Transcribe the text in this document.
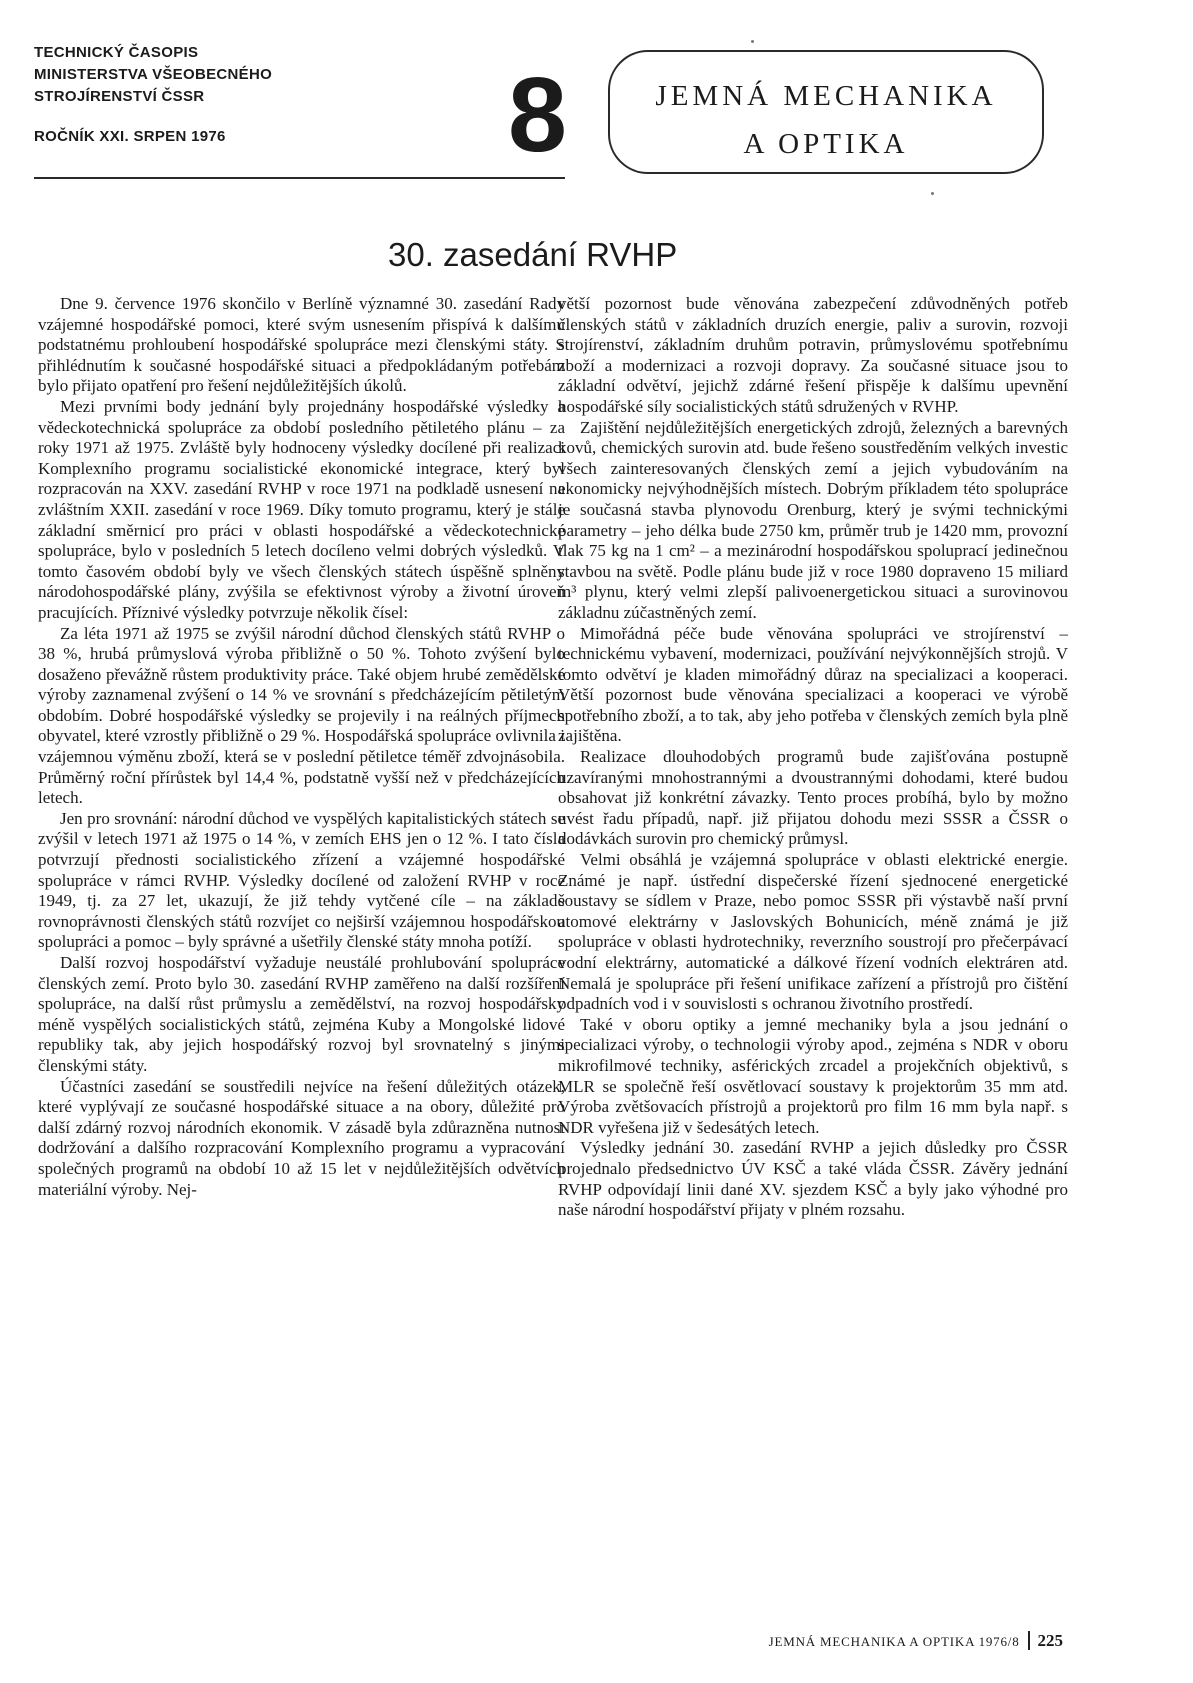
TECHNICKÝ ČASOPIS
MINISTERSTVA VŠEOBECNÉHO
STROJÍRENSTVÍ ČSSR
ROČNÍK XXI. SRPEN 1976	8	JEMNÁ MECHANIKA
A OPTIKA
30. zasedání RVHP

Dne 9. července 1976 skončilo v Berlíně významné 30. zasedání Rady vzájemné hospodářské pomoci, které svým usnesením přispívá k dalšímu podstatnému prohloubení hospodářské spolupráce mezi členskými státy. S přihlédnutím k současné hospodářské situaci a předpokládaným potřebám bylo přijato opatření pro řešení nejdůležitějších úkolů.

Mezi prvními body jednání byly projednány hospodářské výsledky a vědeckotechnická spolupráce za období posledního pětiletého plánu – za roky 1971 až 1975. Zvláště byly hodnoceny výsledky docílené při realizaci Komplexního programu socialistické ekonomické integrace, který byl rozpracován na XXV. zasedání RVHP v roce 1971 na podkladě usnesení na zvláštním XXII. zasedání v roce 1969. Díky tomuto programu, který je stále základní směrnicí pro práci v oblasti hospodářské a vědeckotechnické spolupráce, bylo v posledních 5 letech docíleno velmi dobrých výsledků. V tomto časovém období byly ve všech členských státech úspěšně splněny národohospodářské plány, zvýšila se efektivnost výroby a životní úroveň pracujících. Příznivé výsledky potvrzuje několik čísel:

Za léta 1971 až 1975 se zvýšil národní důchod členských států RVHP o 38 %, hrubá průmyslová výroba přibližně o 50 %. Tohoto zvýšení bylo dosaženo převážně růstem produktivity práce. Také objem hrubé zemědělské výroby zaznamenal zvýšení o 14 % ve srovnání s předcházejícím pětiletým obdobím. Dobré hospodářské výsledky se projevily i na reálných příjmech obyvatel, které vzrostly přibližně o 29 %. Hospodářská spolupráce ovlivnila i vzájemnou výměnu zboží, která se v poslední pětiletce téměř zdvojnásobila. Průměrný roční přírůstek byl 14,4 %, podstatně vyšší než v předcházejících letech.

Jen pro srovnání: národní důchod ve vyspělých kapitalistických státech se zvýšil v letech 1971 až 1975 o 14 %, v zemích EHS jen o 12 %. I tato čísla potvrzují přednosti socialistického zřízení a vzájemné hospodářské spolupráce v rámci RVHP. Výsledky docílené od založení RVHP v roce 1949, tj. za 27 let, ukazují, že již tehdy vytčené cíle – na základě rovnoprávnosti členských států rozvíjet co nejširší vzájemnou hospodářskou spolupráci a pomoc – byly správné a ušetřily členské státy mnoha potíží.

Další rozvoj hospodářství vyžaduje neustálé prohlubování spolupráce členských zemí. Proto bylo 30. zasedání RVHP zaměřeno na další rozšíření spolupráce, na další růst průmyslu a zemědělství, na rozvoj hospodářsky méně vyspělých socialistických států, zejména Kuby a Mongolské lidové republiky tak, aby jejich hospodářský rozvoj byl srovnatelný s jinými členskými státy.

Účastníci zasedání se soustředili nejvíce na řešení důležitých otázek, které vyplývají ze současné hospodářské situace a na obory, důležité pro další zdárný rozvoj národních ekonomik. V zásadě byla zdůrazněna nutnost dodržování a dalšího rozpracování Komplexního programu a vypracování společných programů na období 10 až 15 let v nejdůležitějších odvětvích materiální výroby. Nej-

větší pozornost bude věnována zabezpečení zdůvodněných potřeb členských států v základních druzích energie, paliv a surovin, rozvoji strojírenství, základním druhům potravin, průmyslovému spotřebnímu zboží a modernizaci a rozvoji dopravy. Za současné situace jsou to základní odvětví, jejichž zdárné řešení přispěje k dalšímu upevnění hospodářské síly socialistických států sdružených v RVHP.

Zajištění nejdůležitějších energetických zdrojů, železných a barevných kovů, chemických surovin atd. bude řešeno soustředěním velkých investic všech zainteresovaných členských zemí a jejich vybudováním na ekonomicky nejvýhodnějších místech. Dobrým příkladem této spolupráce je současná stavba plynovodu Orenburg, který je svými technickými parametry – jeho délka bude 2750 km, průměr trub je 1420 mm, provozní tlak 75 kg na 1 cm² – a mezinárodní hospodářskou spoluprací jedinečnou stavbou na světě. Podle plánu bude již v roce 1980 dopraveno 15 miliard m³ plynu, který velmi zlepší palivoenergetickou situaci a surovinovou základnu zúčastněných zemí.

Mimořádná péče bude věnována spolupráci ve strojírenství – technickému vybavení, modernizaci, používání nejvýkonnějších strojů. V tomto odvětví je kladen mimořádný důraz na specializaci a kooperaci. Větší pozornost bude věnována specializaci a kooperaci ve výrobě spotřebního zboží, a to tak, aby jeho potřeba v členských zemích byla plně zajištěna.

Realizace dlouhodobých programů bude zajišťována postupně uzavíranými mnohostrannými a dvoustrannými dohodami, které budou obsahovat již konkrétní závazky. Tento proces probíhá, bylo by možno uvést řadu případů, např. již přijatou dohodu mezi SSSR a ČSSR o dodávkách surovin pro chemický průmysl.

Velmi obsáhlá je vzájemná spolupráce v oblasti elektrické energie. Známé je např. ústřední dispečerské řízení sjednocené energetické soustavy se sídlem v Praze, nebo pomoc SSSR při výstavbě naší první atomové elektrárny v Jaslovských Bohunicích, méně známá je již spolupráce v oblasti hydrotechniky, reverzního soustrojí pro přečerpávací vodní elektrárny, automatické a dálkové řízení vodních elektráren atd. Nemalá je spolupráce při řešení unifikace zařízení a přístrojů pro čištění odpadních vod i v souvislosti s ochranou životního prostředí.

Také v oboru optiky a jemné mechaniky byla a jsou jednání o specializaci výroby, o technologii výroby apod., zejména s NDR v oboru mikrofilmové techniky, asférických zrcadel a projekčních objektivů, s MLR se společně řeší osvětlovací soustavy k projektorům 35 mm atd. Výroba zvětšovacích přístrojů a projektorů pro film 16 mm byla např. s NDR vyřešena již v šedesátých letech.

Výsledky jednání 30. zasedání RVHP a jejich důsledky pro ČSSR projednalo předsednictvo ÚV KSČ a také vláda ČSSR. Závěry jednání RVHP odpovídají linii dané XV. sjezdem KSČ a byly jako výhodné pro naše národní hospodářství přijaty v plném rozsahu.

JEMNÁ MECHANIKA A OPTIKA 1976/8 225
